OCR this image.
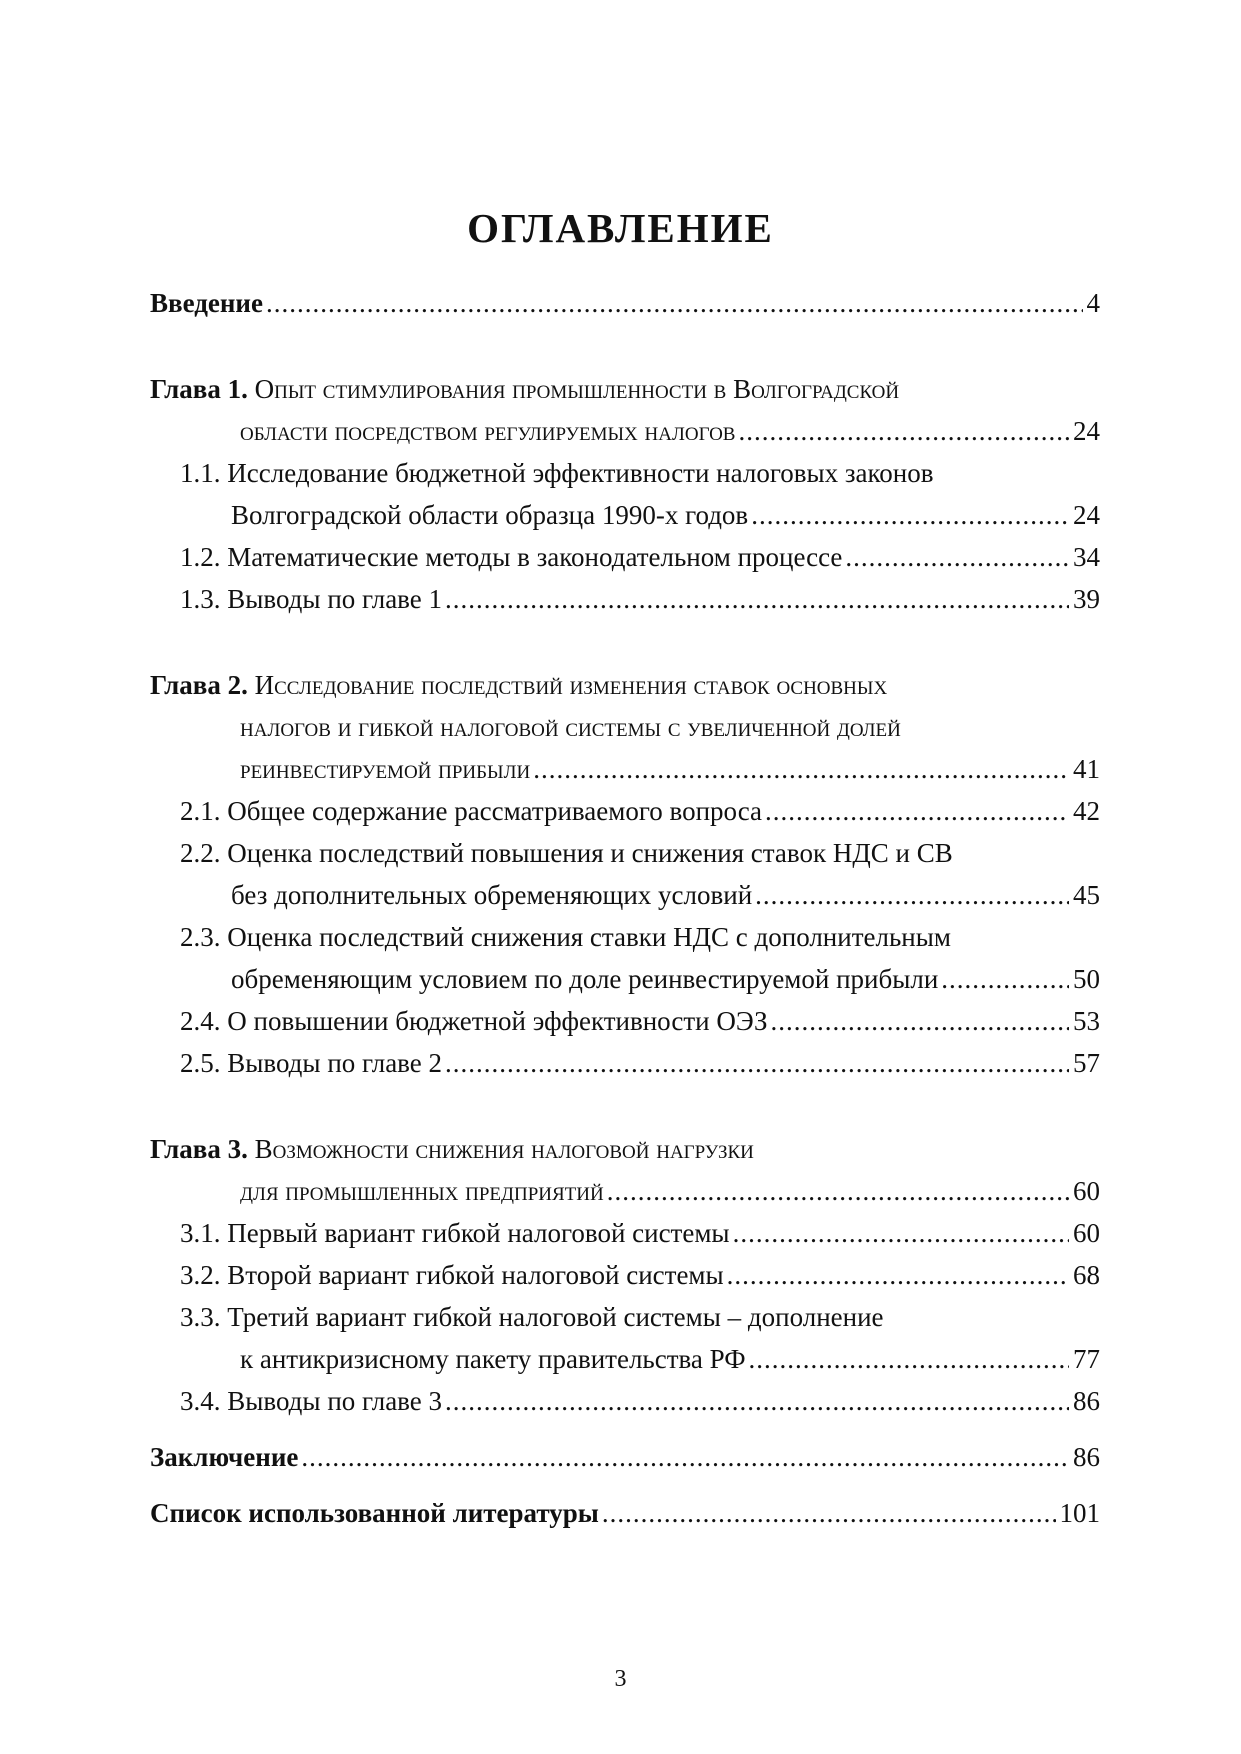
ОГЛАВЛЕНИЕ
Введение .....	4
Глава 1.
Опыт стимулирования промышленности в Волгоградской
области посредством регулируемых налогов .....	24
1.1.
Исследование бюджетной эффективности налоговых законов
Волгоградской области образца 1990-х годов .....	24
1.2.
Математические методы в законодательном процессе .....	34
1.3.
Выводы по главе 1 .....	39
Глава 2.
Исследование последствий изменения ставок основных
налогов и гибкой налоговой системы с увеличенной долей
реинвестируемой прибыли .....	41
2.1.
Общее содержание рассматриваемого вопроса .....	42
2.2.
Оценка последствий повышения и снижения ставок НДС и СВ
без дополнительных обременяющих условий .....	45
2.3.
Оценка последствий снижения ставки НДС с дополнительным
обременяющим условием по доле реинвестируемой прибыли .....	50
2.4.
О повышении бюджетной эффективности ОЭЗ .....	53
2.5.
Выводы по главе 2 .....	57
Глава 3.
Возможности снижения налоговой нагрузки
для промышленных предприятий .....	60
3.1.
Первый вариант гибкой налоговой системы .....	60
3.2.
Второй вариант гибкой налоговой системы .....	68
3.3.
Третий вариант гибкой налоговой системы – дополнение
к антикризисному пакету правительства РФ .....	77
3.4.
Выводы по главе 3 .....	86
Заключение .....	86
Список использованной литературы .....	101
3
